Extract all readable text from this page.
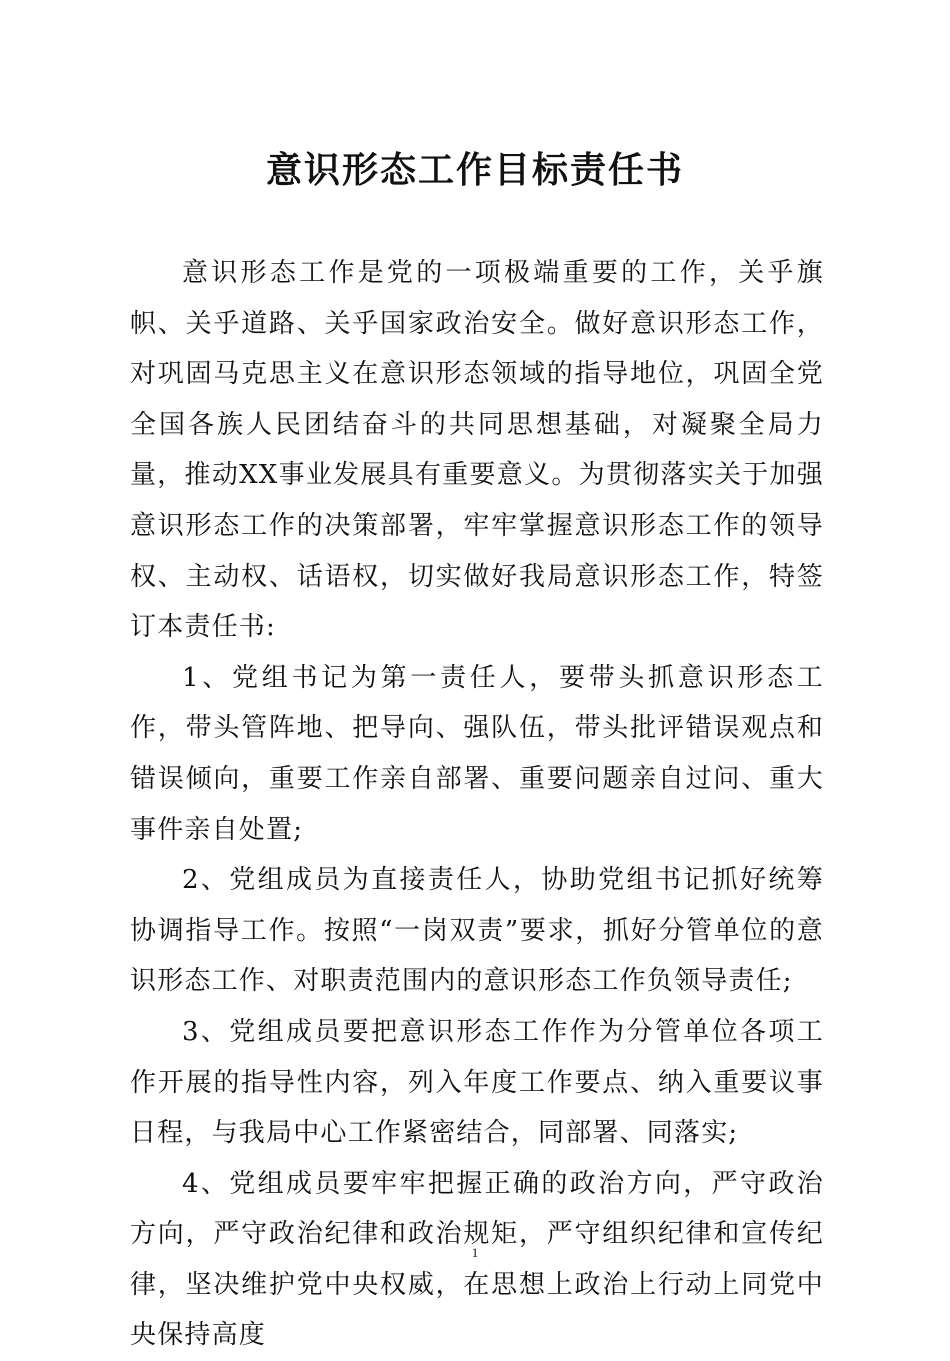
意识形态工作目标责任书

意识形态工作是党的一项极端重要的工作，关乎旗帜、关乎道路、关乎国家政治安全。做好意识形态工作，对巩固马克思主义在意识形态领域的指导地位，巩固全党全国各族人民团结奋斗的共同思想基础，对凝聚全局力量，推动XX事业发展具有重要意义。为贯彻落实关于加强意识形态工作的决策部署，牢牢掌握意识形态工作的领导权、主动权、话语权，切实做好我局意识形态工作，特签订本责任书:

1、党组书记为第一责任人，要带头抓意识形态工作，带头管阵地、把导向、强队伍，带头批评错误观点和错误倾向，重要工作亲自部署、重要问题亲自过问、重大事件亲自处置;

2、党组成员为直接责任人，协助党组书记抓好统筹协调指导工作。按照“一岗双责”要求，抓好分管单位的意识形态工作、对职责范围内的意识形态工作负领导责任;

3、党组成员要把意识形态工作作为分管单位各项工作开展的指导性内容，列入年度工作要点、纳入重要议事日程，与我局中心工作紧密结合，同部署、同落实;

4、党组成员要牢牢把握正确的政治方向，严守政治方向，严守政治纪律和政治规矩，严守组织纪律和宣传纪律，坚决维护党中央权威，在思想上政治上行动上同党中央保持高度

1
